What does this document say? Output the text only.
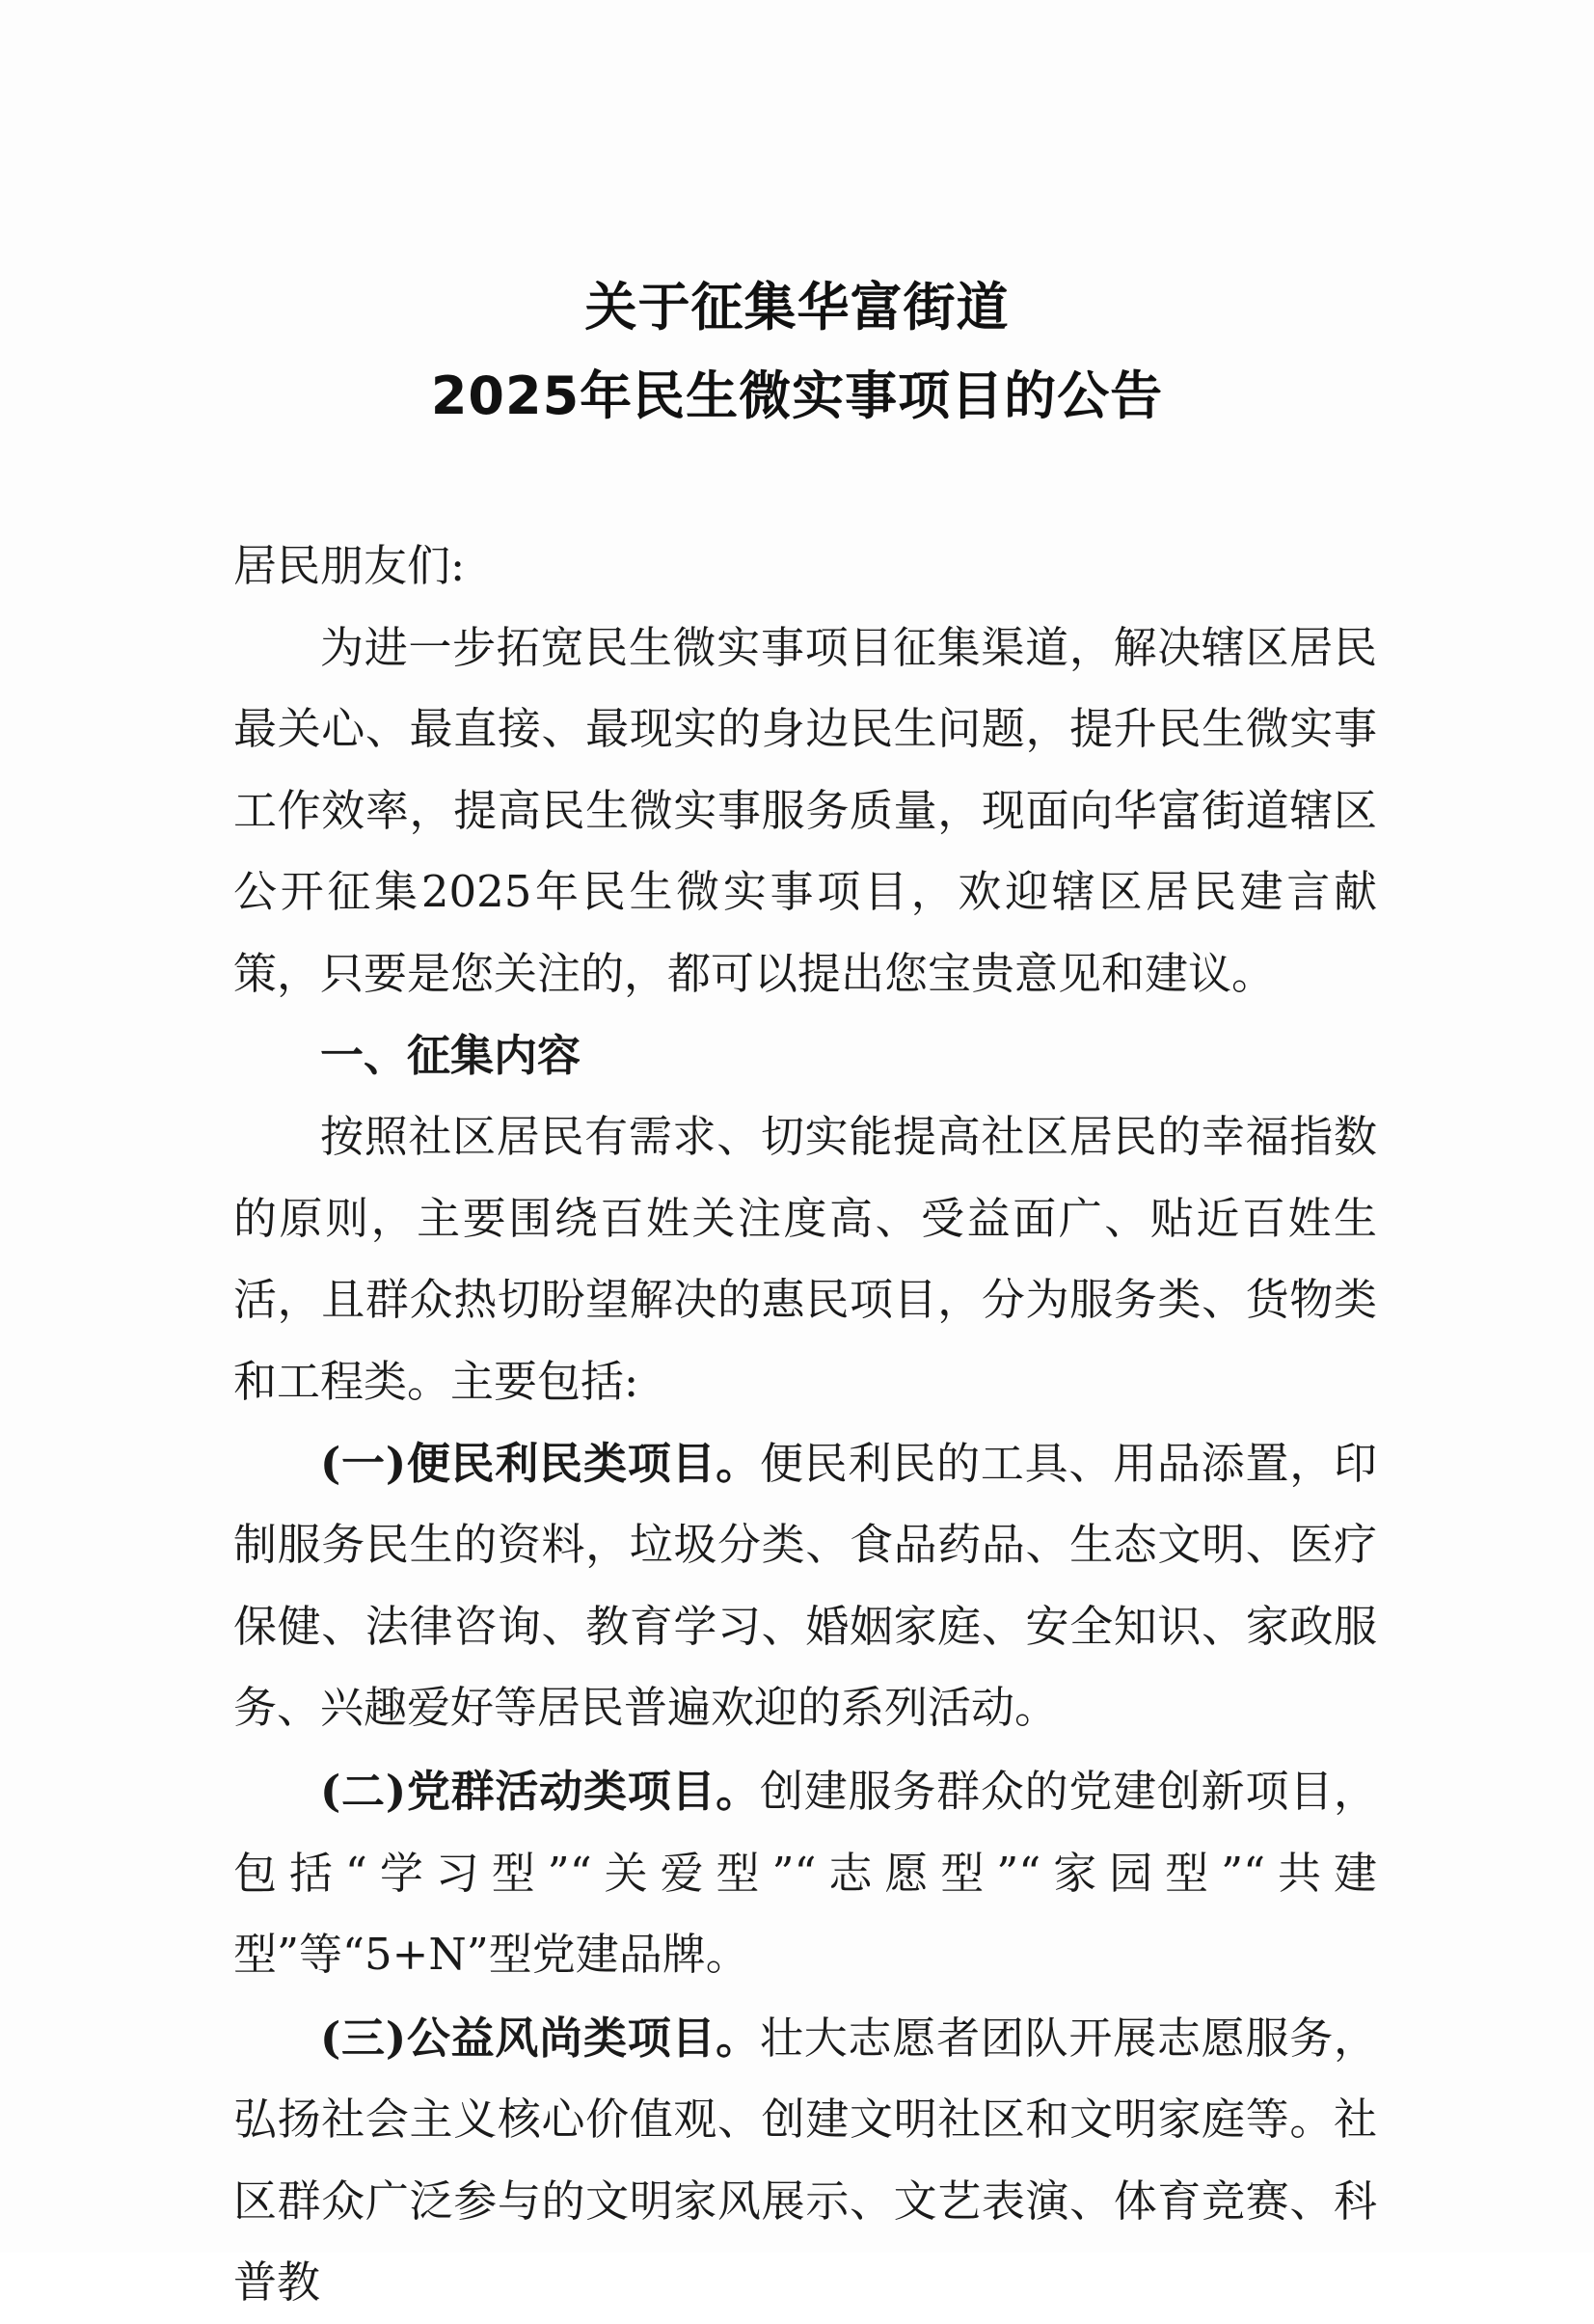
关于征集华富街道
2025年民生微实事项目的公告

居民朋友们:

为进一步拓宽民生微实事项目征集渠道，解决辖区居民最关心、最直接、最现实的身边民生问题，提升民生微实事工作效率，提高民生微实事服务质量，现面向华富街道辖区公开征集2025年民生微实事项目，欢迎辖区居民建言献策，只要是您关注的，都可以提出您宝贵意见和建议。

一、征集内容

按照社区居民有需求、切实能提高社区居民的幸福指数的原则，主要围绕百姓关注度高、受益面广、贴近百姓生活，且群众热切盼望解决的惠民项目，分为服务类、货物类和工程类。主要包括:

(一)便民利民类项目。便民利民的工具、用品添置，印制服务民生的资料，垃圾分类、食品药品、生态文明、医疗保健、法律咨询、教育学习、婚姻家庭、安全知识、家政服务、兴趣爱好等居民普遍欢迎的系列活动。

(二)党群活动类项目。创建服务群众的党建创新项目，包括“学习型”“关爱型”“志愿型”“家园型”“共建型”等“5+N”型党建品牌。

(三)公益风尚类项目。壮大志愿者团队开展志愿服务，弘扬社会主义核心价值观、创建文明社区和文明家庭等。社区群众广泛参与的文明家风展示、文艺表演、体育竞赛、科普教
